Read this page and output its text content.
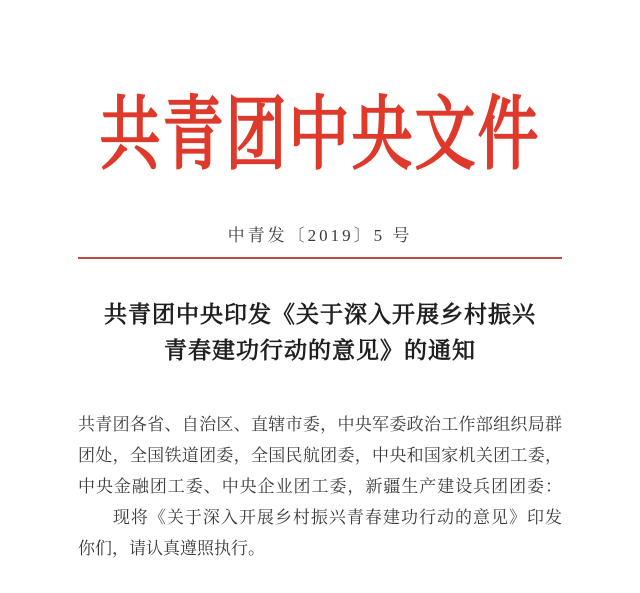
共青团中央文件
中青发〔2019〕5 号
共青团中央印发《关于深入开展乡村振兴
青春建功行动的意见》的通知
共青团各省、自治区、直辖市委，中央军委政治工作部组织局群
团处，全国铁道团委，全国民航团委，中央和国家机关团工委，
中央金融团工委、中央企业团工委，新疆生产建设兵团团委：
现将《关于深入开展乡村振兴青春建功行动的意见》印发
你们，请认真遵照执行。
